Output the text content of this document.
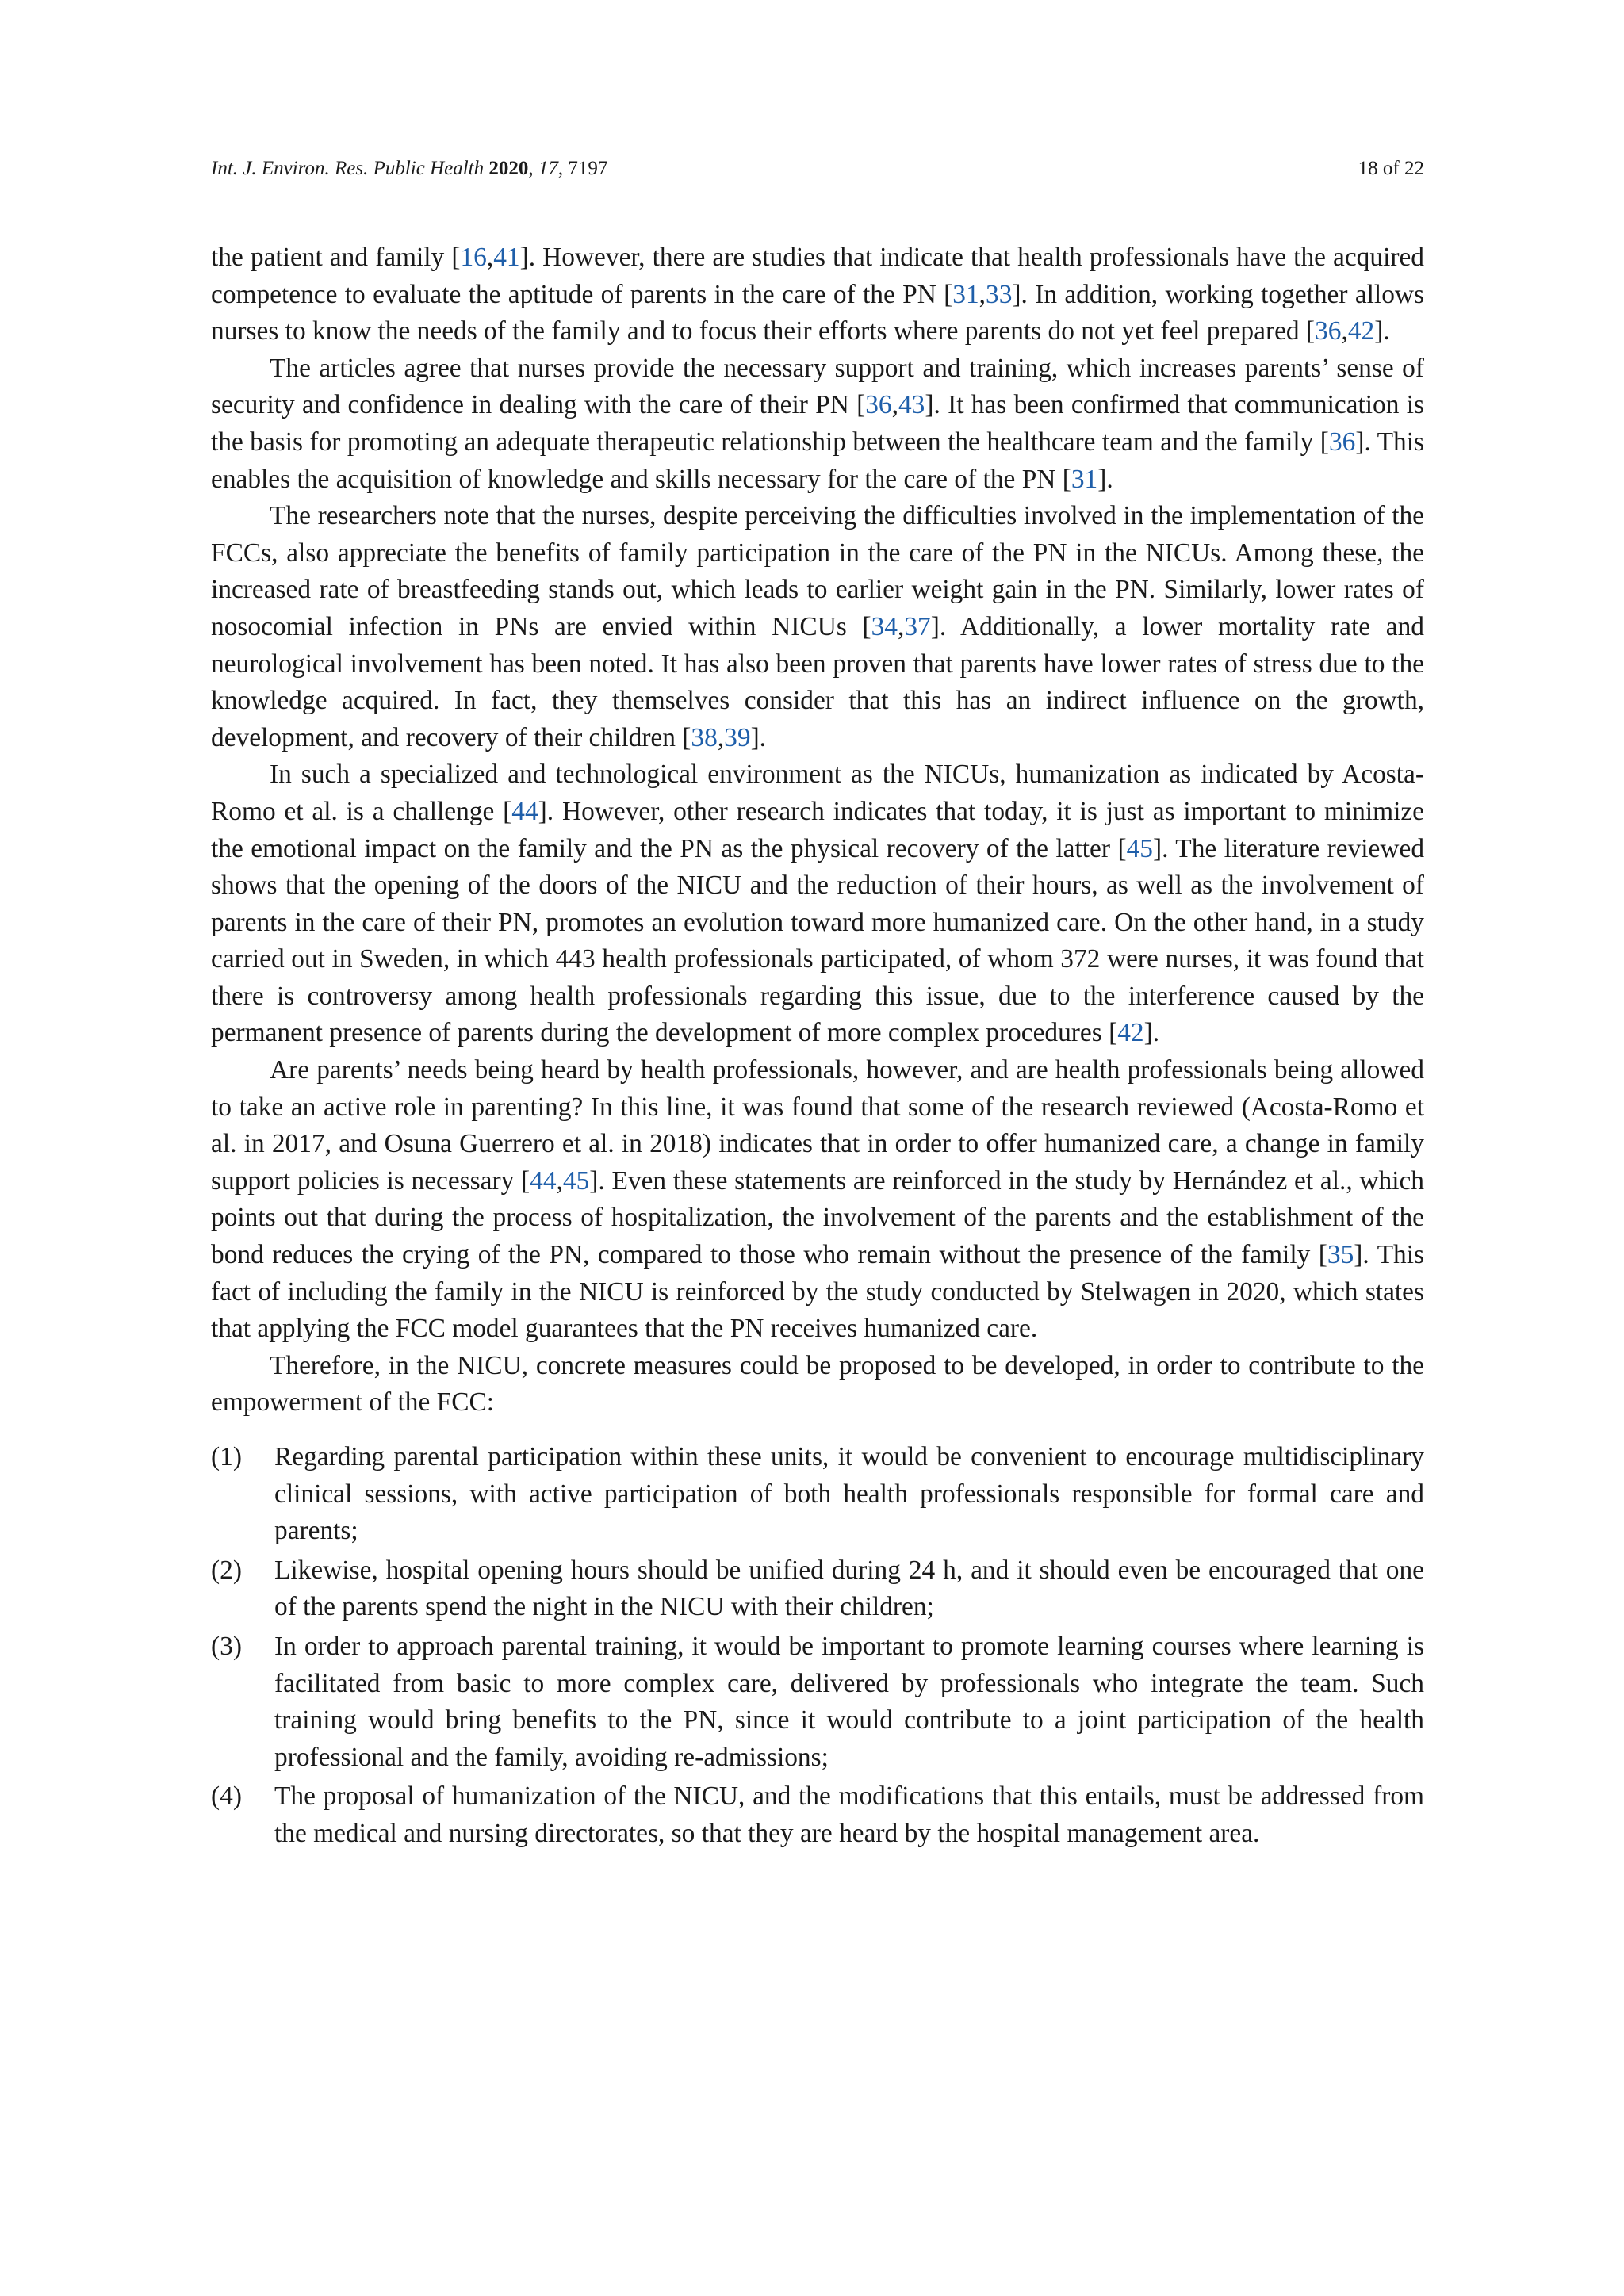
Int. J. Environ. Res. Public Health 2020, 17, 7197	18 of 22

the patient and family [16,41]. However, there are studies that indicate that health professionals have the acquired competence to evaluate the aptitude of parents in the care of the PN [31,33]. In addition, working together allows nurses to know the needs of the family and to focus their efforts where parents do not yet feel prepared [36,42].

The articles agree that nurses provide the necessary support and training, which increases parents’ sense of security and confidence in dealing with the care of their PN [36,43]. It has been confirmed that communication is the basis for promoting an adequate therapeutic relationship between the healthcare team and the family [36]. This enables the acquisition of knowledge and skills necessary for the care of the PN [31].

The researchers note that the nurses, despite perceiving the difficulties involved in the implementation of the FCCs, also appreciate the benefits of family participation in the care of the PN in the NICUs. Among these, the increased rate of breastfeeding stands out, which leads to earlier weight gain in the PN. Similarly, lower rates of nosocomial infection in PNs are envied within NICUs [34,37]. Additionally, a lower mortality rate and neurological involvement has been noted. It has also been proven that parents have lower rates of stress due to the knowledge acquired. In fact, they themselves consider that this has an indirect influence on the growth, development, and recovery of their children [38,39].

In such a specialized and technological environment as the NICUs, humanization as indicated by Acosta-Romo et al. is a challenge [44]. However, other research indicates that today, it is just as important to minimize the emotional impact on the family and the PN as the physical recovery of the latter [45]. The literature reviewed shows that the opening of the doors of the NICU and the reduction of their hours, as well as the involvement of parents in the care of their PN, promotes an evolution toward more humanized care. On the other hand, in a study carried out in Sweden, in which 443 health professionals participated, of whom 372 were nurses, it was found that there is controversy among health professionals regarding this issue, due to the interference caused by the permanent presence of parents during the development of more complex procedures [42].

Are parents’ needs being heard by health professionals, however, and are health professionals being allowed to take an active role in parenting? In this line, it was found that some of the research reviewed (Acosta-Romo et al. in 2017, and Osuna Guerrero et al. in 2018) indicates that in order to offer humanized care, a change in family support policies is necessary [44,45]. Even these statements are reinforced in the study by Hernández et al., which points out that during the process of hospitalization, the involvement of the parents and the establishment of the bond reduces the crying of the PN, compared to those who remain without the presence of the family [35]. This fact of including the family in the NICU is reinforced by the study conducted by Stelwagen in 2020, which states that applying the FCC model guarantees that the PN receives humanized care.

Therefore, in the NICU, concrete measures could be proposed to be developed, in order to contribute to the empowerment of the FCC:

(1) Regarding parental participation within these units, it would be convenient to encourage multidisciplinary clinical sessions, with active participation of both health professionals responsible for formal care and parents;
(2) Likewise, hospital opening hours should be unified during 24 h, and it should even be encouraged that one of the parents spend the night in the NICU with their children;
(3) In order to approach parental training, it would be important to promote learning courses where learning is facilitated from basic to more complex care, delivered by professionals who integrate the team. Such training would bring benefits to the PN, since it would contribute to a joint participation of the health professional and the family, avoiding re-admissions;
(4) The proposal of humanization of the NICU, and the modifications that this entails, must be addressed from the medical and nursing directorates, so that they are heard by the hospital management area.
